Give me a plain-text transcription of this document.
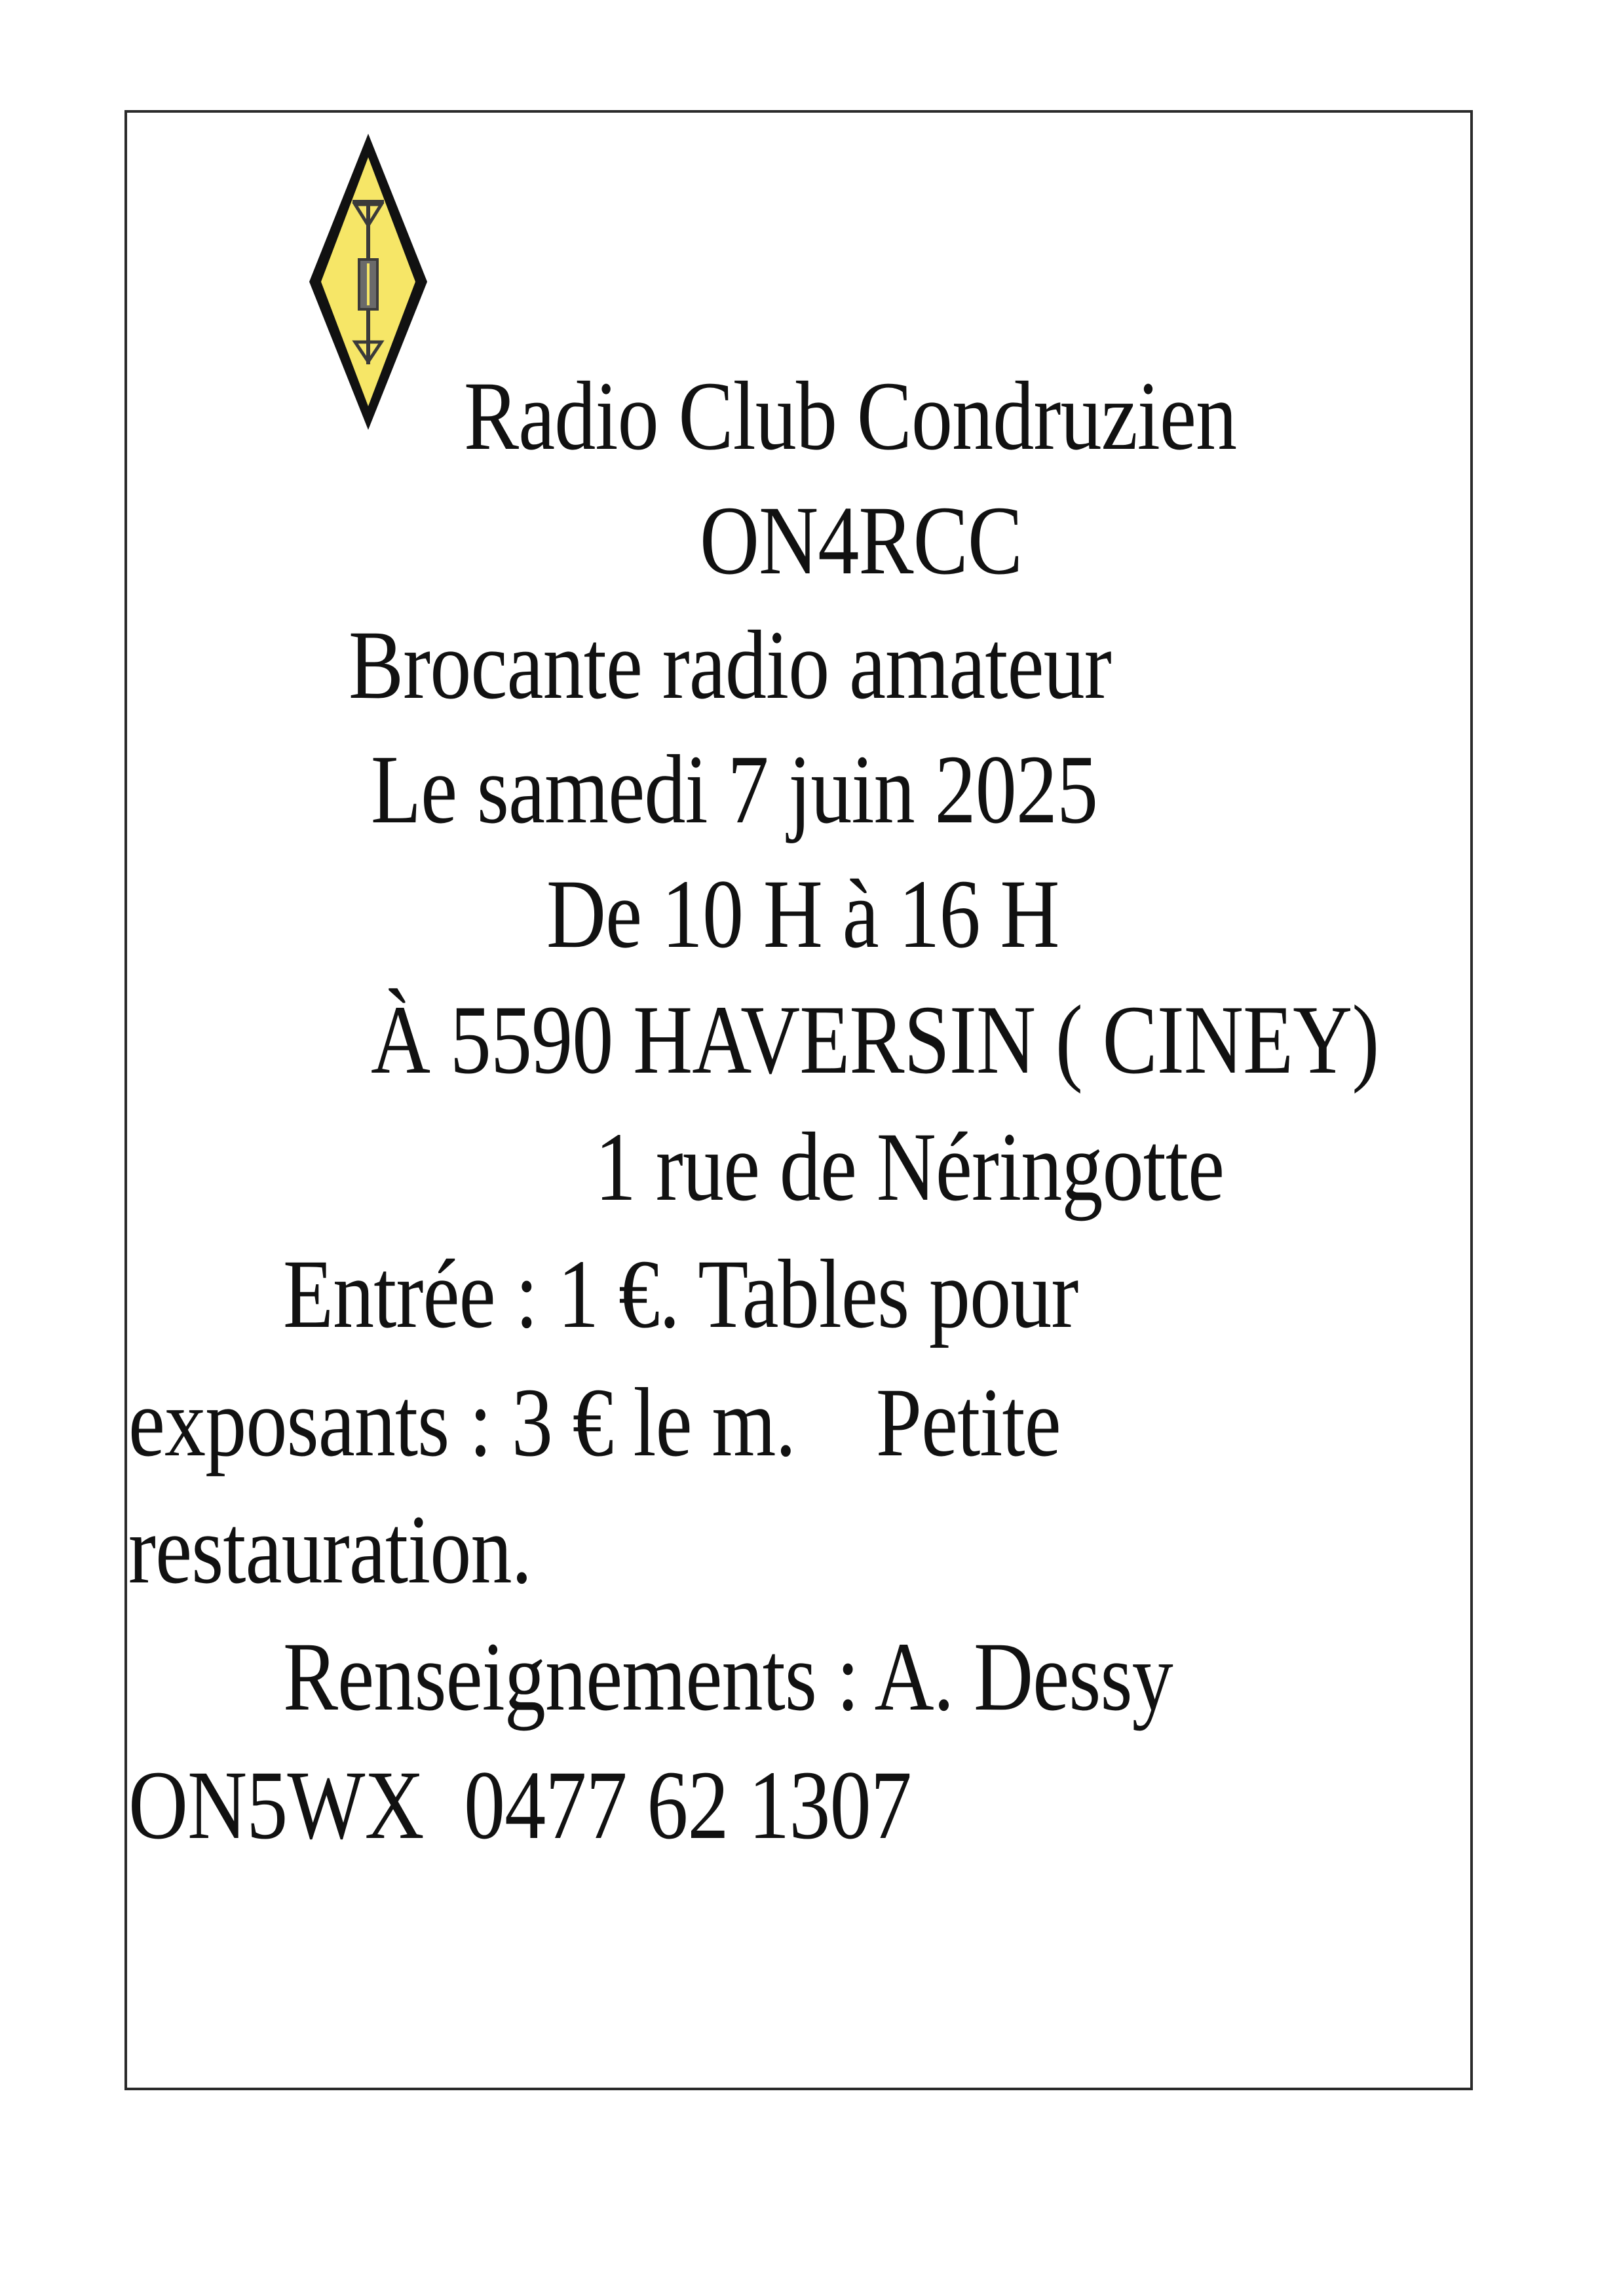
Radio Club Condruzien
ON4RCC
Brocante radio amateur
Le samedi 7 juin 2025
De 10 H à 16 H
À 5590 HAVERSIN ( CINEY)
1 rue de Néringotte
Entrée : 1 €. Tables pour
exposants : 3 € le m.    Petite
restauration.
Renseignements : A. Dessy
ON5WX  0477 62 1307
